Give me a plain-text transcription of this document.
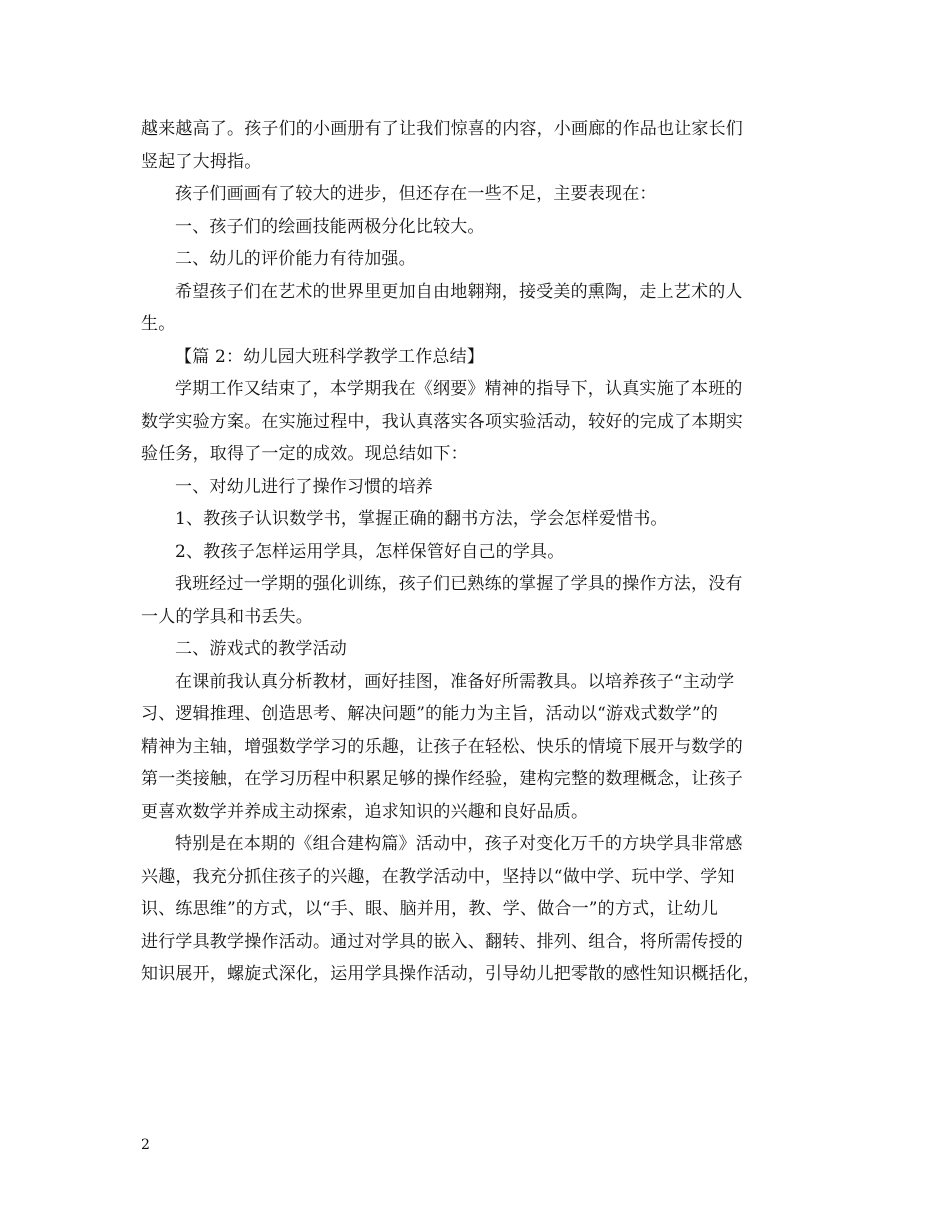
越来越高了。孩子们的小画册有了让我们惊喜的内容，小画廊的作品也让家长们

竖起了大拇指。

孩子们画画有了较大的进步，但还存在一些不足，主要表现在：

一、孩子们的绘画技能两极分化比较大。

二、幼儿的评价能力有待加强。

希望孩子们在艺术的世界里更加自由地翱翔，接受美的熏陶，走上艺术的人

生。

【篇 2：幼儿园大班科学教学工作总结】

学期工作又结束了，本学期我在《纲要》精神的指导下，认真实施了本班的

数学实验方案。在实施过程中，我认真落实各项实验活动，较好的完成了本期实

验任务，取得了一定的成效。现总结如下：

一、对幼儿进行了操作习惯的培养

1、教孩子认识数学书，掌握正确的翻书方法，学会怎样爱惜书。

2、教孩子怎样运用学具，怎样保管好自己的学具。

我班经过一学期的强化训练，孩子们已熟练的掌握了学具的操作方法，没有

一人的学具和书丢失。

二、游戏式的教学活动

在课前我认真分析教材，画好挂图，准备好所需教具。以培养孩子“主动学

习、逻辑推理、创造思考、解决问题”的能力为主旨，活动以“游戏式数学”的

精神为主轴，增强数学学习的乐趣，让孩子在轻松、快乐的情境下展开与数学的

第一类接触，在学习历程中积累足够的操作经验，建构完整的数理概念，让孩子

更喜欢数学并养成主动探索，追求知识的兴趣和良好品质。

特别是在本期的《组合建构篇》活动中，孩子对变化万千的方块学具非常感

兴趣，我充分抓住孩子的兴趣，在教学活动中，坚持以“做中学、玩中学、学知

识、练思维”的方式，以“手、眼、脑并用，教、学、做合一”的方式，让幼儿

进行学具教学操作活动。通过对学具的嵌入、翻转、排列、组合，将所需传授的

知识展开，螺旋式深化，运用学具操作活动，引导幼儿把零散的感性知识概括化，

2
